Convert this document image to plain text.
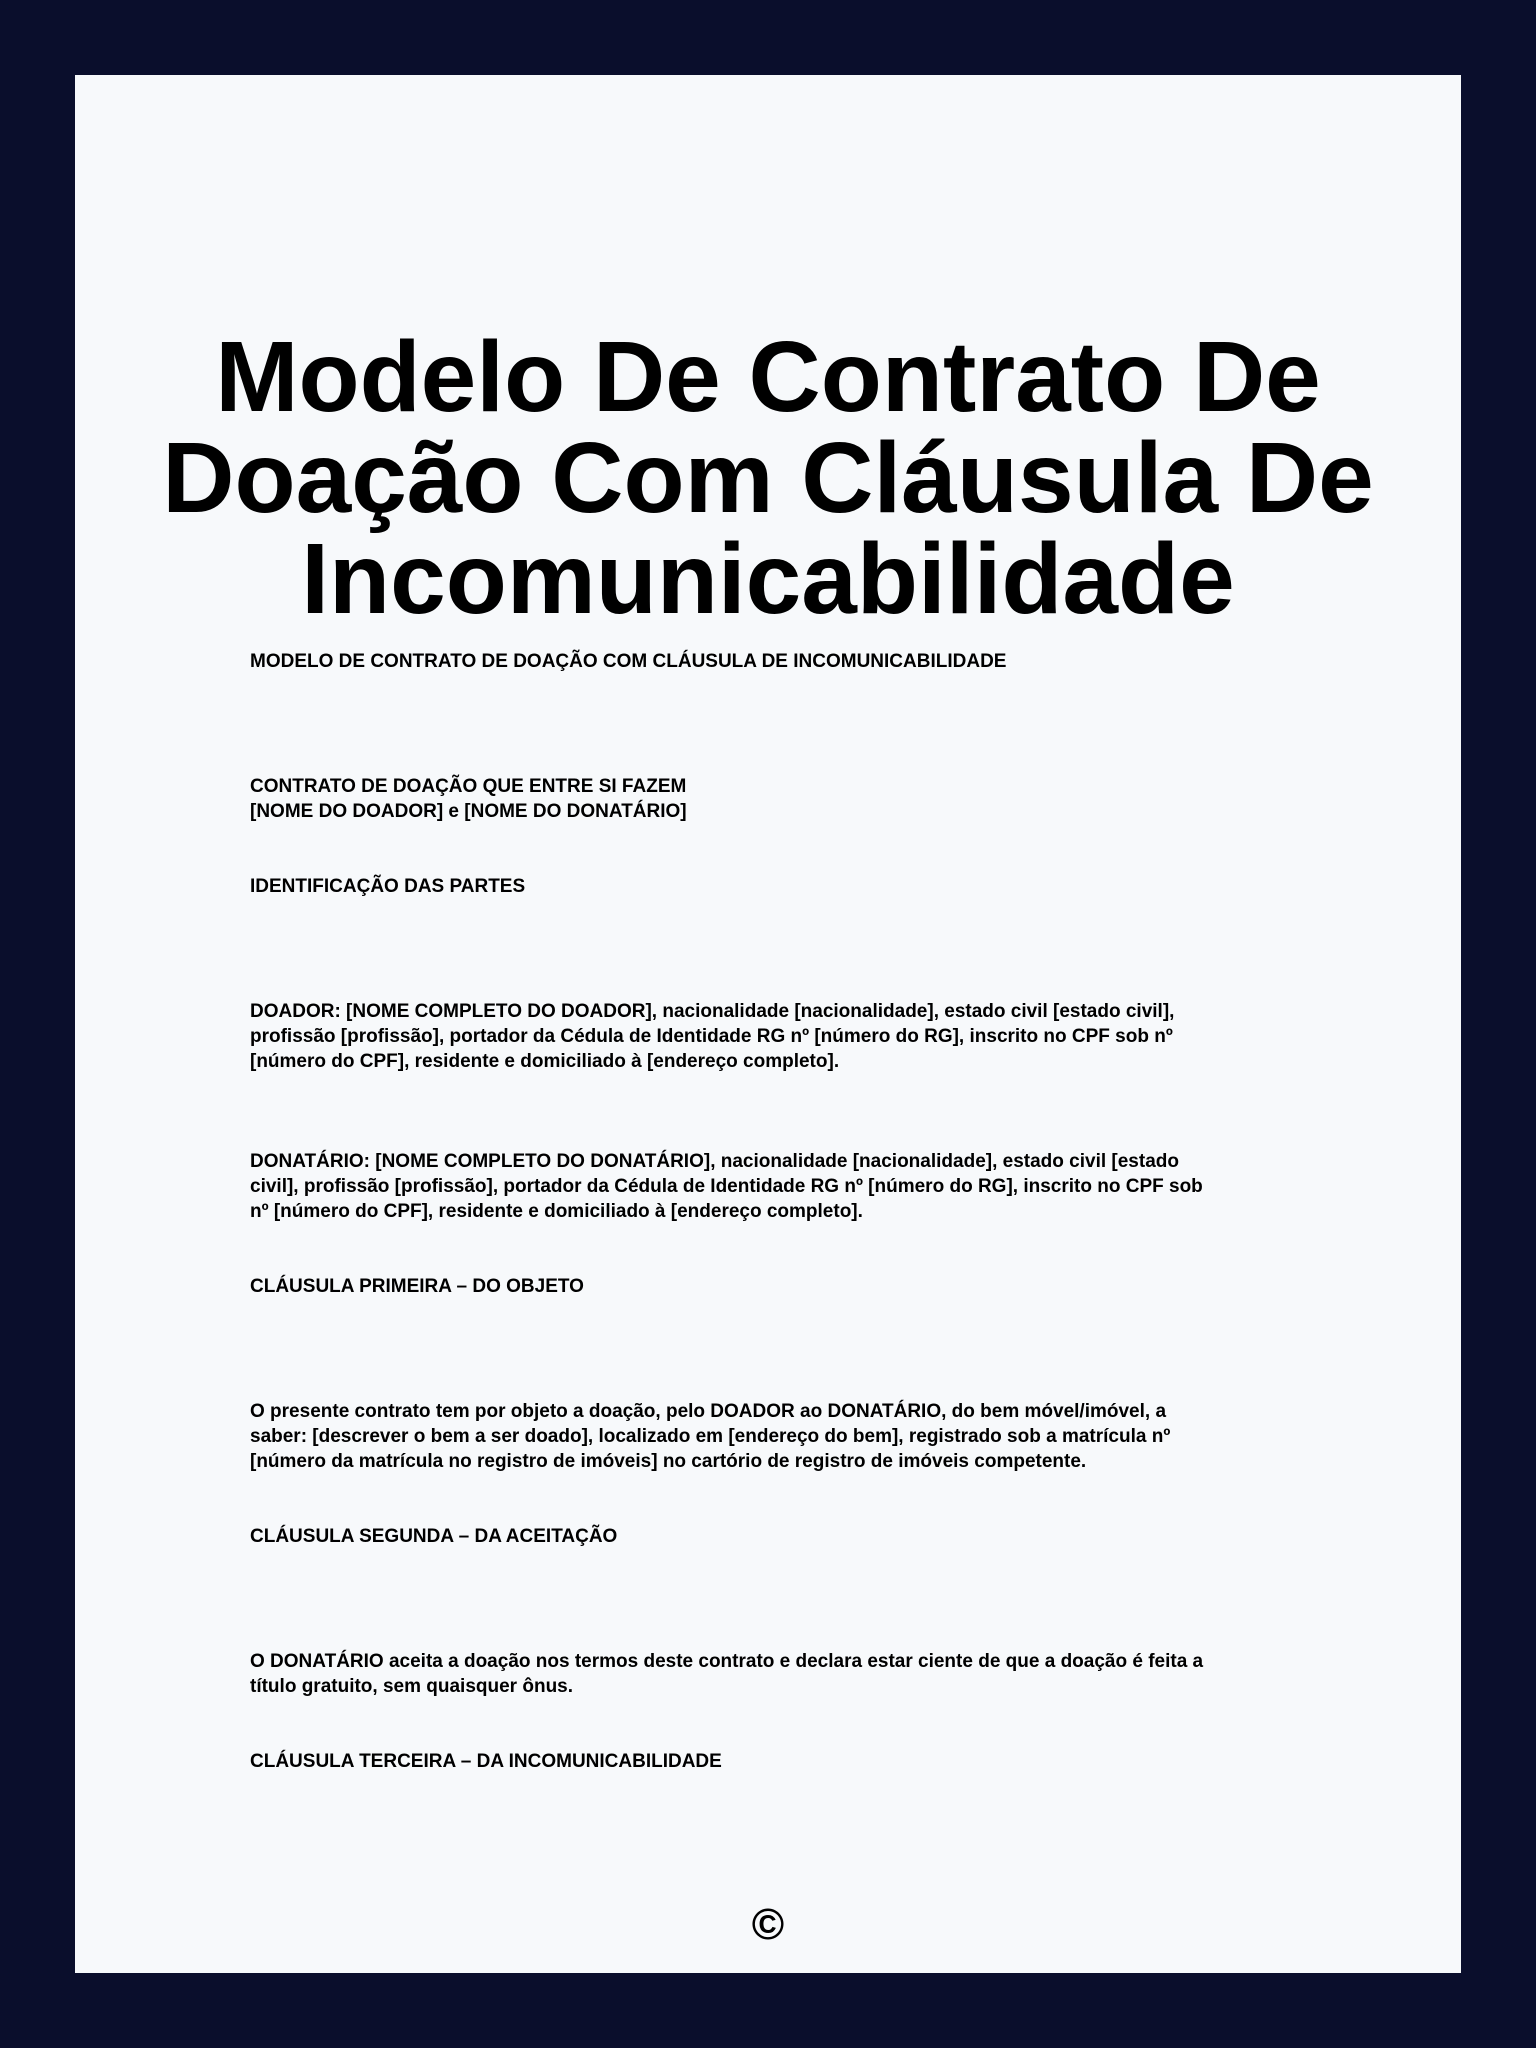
Modelo De Contrato De
Doação Com Cláusula De
Incomunicabilidade

MODELO DE CONTRATO DE DOAÇÃO COM CLÁUSULA DE INCOMUNICABILIDADE

CONTRATO DE DOAÇÃO QUE ENTRE SI FAZEM
[NOME DO DOADOR] e [NOME DO DONATÁRIO]

IDENTIFICAÇÃO DAS PARTES

DOADOR: [NOME COMPLETO DO DOADOR], nacionalidade [nacionalidade], estado civil [estado civil],
profissão [profissão], portador da Cédula de Identidade RG nº [número do RG], inscrito no CPF sob nº
[número do CPF], residente e domiciliado à [endereço completo].

DONATÁRIO: [NOME COMPLETO DO DONATÁRIO], nacionalidade [nacionalidade], estado civil [estado
civil], profissão [profissão], portador da Cédula de Identidade RG nº [número do RG], inscrito no CPF sob
nº [número do CPF], residente e domiciliado à [endereço completo].

CLÁUSULA PRIMEIRA – DO OBJETO

O presente contrato tem por objeto a doação, pelo DOADOR ao DONATÁRIO, do bem móvel/imóvel, a
saber: [descrever o bem a ser doado], localizado em [endereço do bem], registrado sob a matrícula nº
[número da matrícula no registro de imóveis] no cartório de registro de imóveis competente.

CLÁUSULA SEGUNDA – DA ACEITAÇÃO

O DONATÁRIO aceita a doação nos termos deste contrato e declara estar ciente de que a doação é feita a
título gratuito, sem quaisquer ônus.

CLÁUSULA TERCEIRA – DA INCOMUNICABILIDADE

©
